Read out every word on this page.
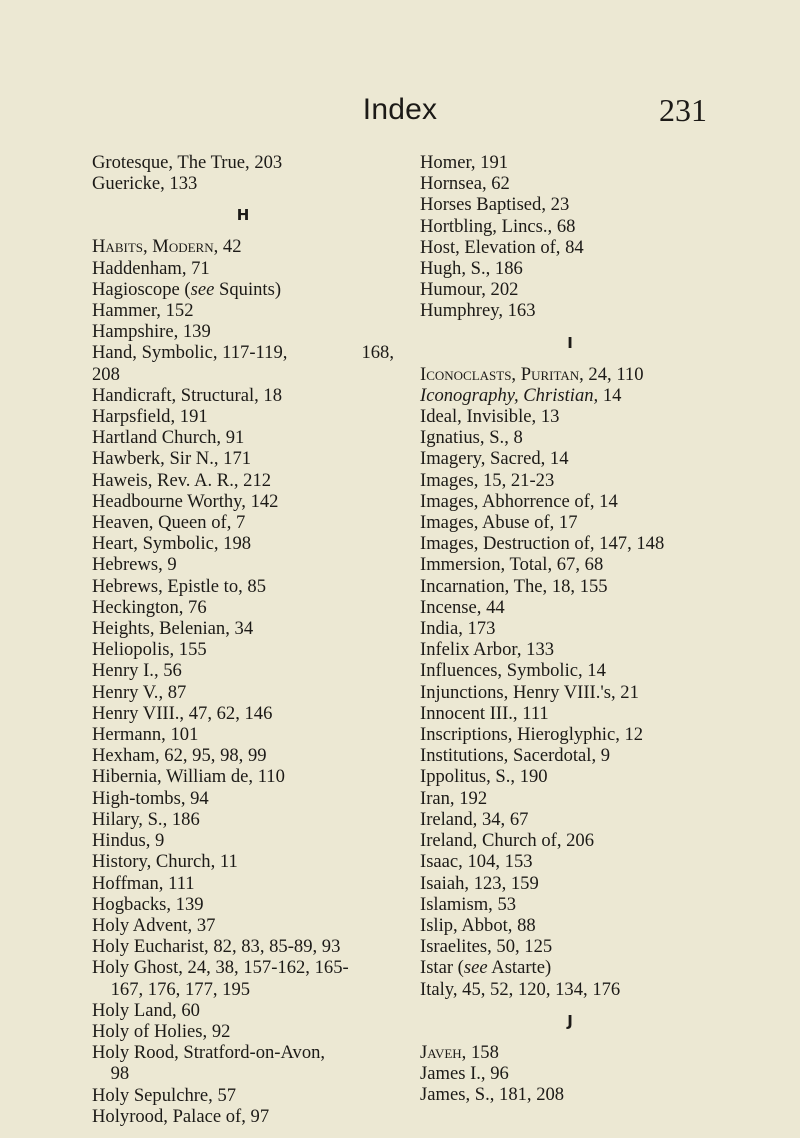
Index	231
Grotesque, The True, 203
Guericke, 133
H
Habits, Modern, 42
Haddenham, 71
Hagioscope (see Squints)
Hammer, 152
Hampshire, 139
Hand, Symbolic, 117-119,	168,
208
Handicraft, Structural, 18
Harpsfield, 191
Hartland Church, 91
Hawberk, Sir N., 171
Haweis, Rev. A. R., 212
Headbourne Worthy, 142
Heaven, Queen of, 7
Heart, Symbolic, 198
Hebrews, 9
Hebrews, Epistle to, 85
Heckington, 76
Heights, Belenian, 34
Heliopolis, 155
Henry I., 56
Henry V., 87
Henry VIII., 47, 62, 146
Hermann, 101
Hexham, 62, 95, 98, 99
Hibernia, William de, 110
High-tombs, 94
Hilary, S., 186
Hindus, 9
History, Church, 11
Hoffman, 111
Hogbacks, 139
Holy Advent, 37
Holy Eucharist, 82, 83, 85-89, 93
Holy Ghost, 24, 38, 157-162, 165-
167, 176, 177, 195
Holy Land, 60
Holy of Holies, 92
Holy Rood, Stratford-on-Avon,
98
Holy Sepulchre, 57
Holyrood, Palace of, 97
Homer, 191
Hornsea, 62
Horses Baptised, 23
Hortbling, Lincs., 68
Host, Elevation of, 84
Hugh, S., 186
Humour, 202
Humphrey, 163
I
Iconoclasts, Puritan, 24, 110
Iconography, Christian, 14
Ideal, Invisible, 13
Ignatius, S., 8
Imagery, Sacred, 14
Images, 15, 21-23
Images, Abhorrence of, 14
Images, Abuse of, 17
Images, Destruction of, 147, 148
Immersion, Total, 67, 68
Incarnation, The, 18, 155
Incense, 44
India, 173
Infelix Arbor, 133
Influences, Symbolic, 14
Injunctions, Henry VIII.'s, 21
Innocent III., 111
Inscriptions, Hieroglyphic, 12
Institutions, Sacerdotal, 9
Ippolitus, S., 190
Iran, 192
Ireland, 34, 67
Ireland, Church of, 206
Isaac, 104, 153
Isaiah, 123, 159
Islamism, 53
Islip, Abbot, 88
Israelites, 50, 125
Istar (see Astarte)
Italy, 45, 52, 120, 134, 176
J
Javeh, 158
James I., 96
James, S., 181, 208
